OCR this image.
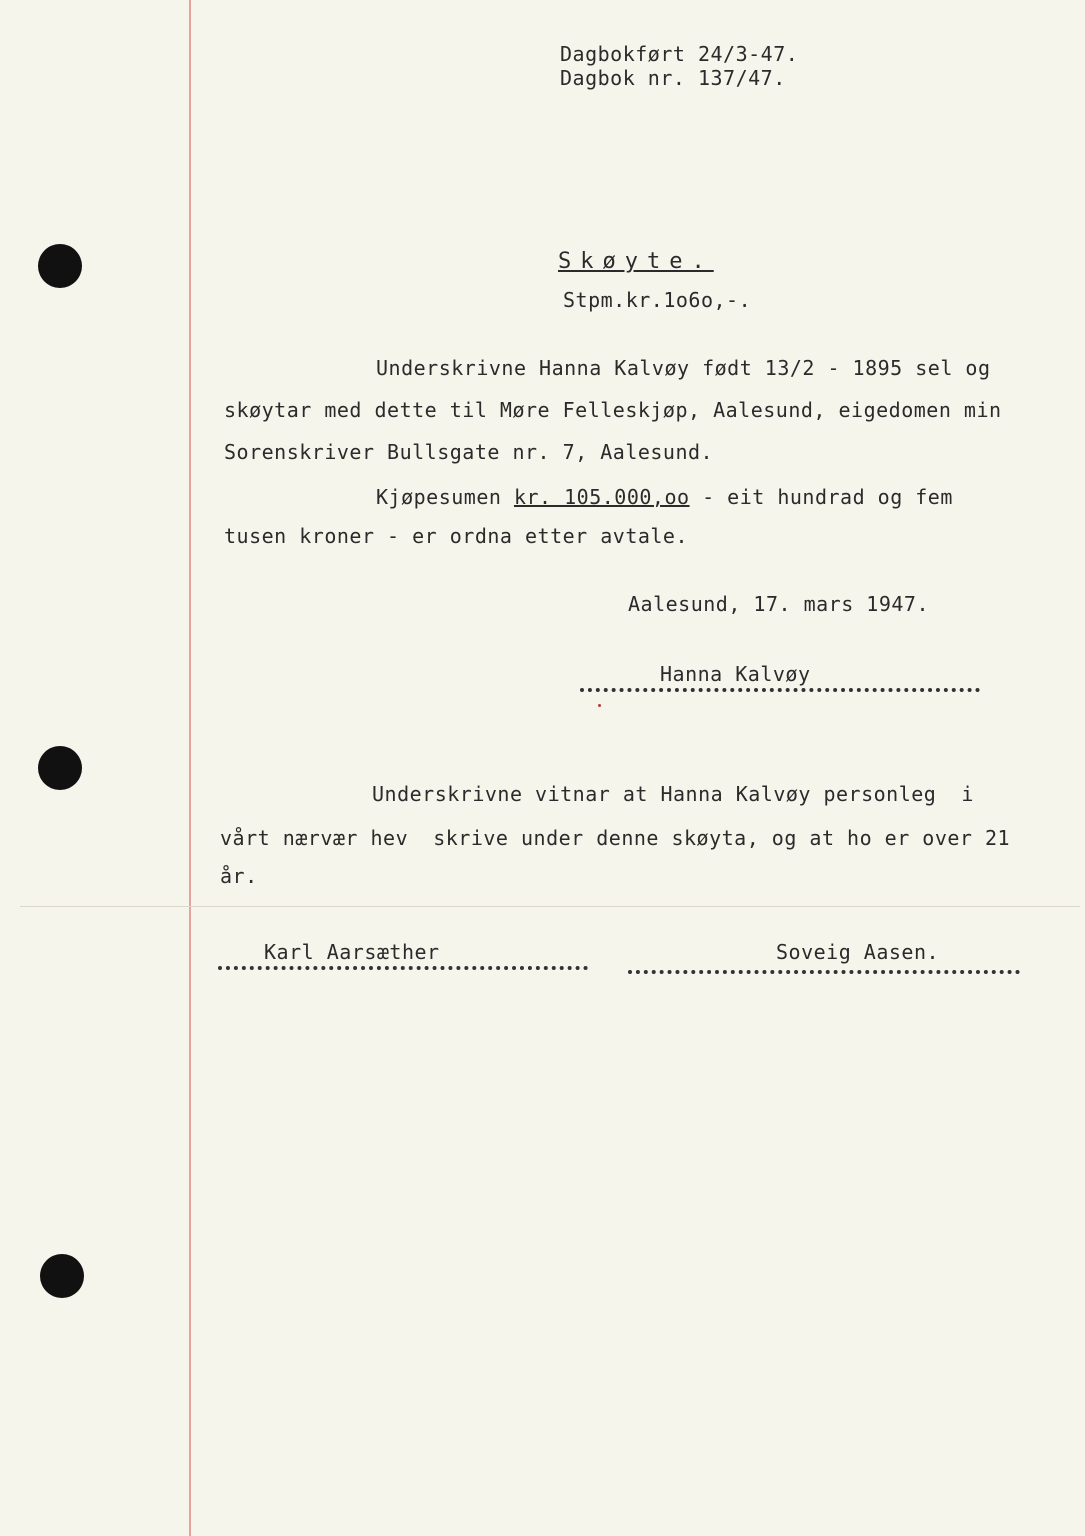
Dagbokført 24/3-47.
Dagbok nr. 137/47.
Skøyte.
Stpm.kr.1o6o,-.
Underskrivne Hanna Kalvøy født 13/2 - 1895 sel og
skøytar med dette til Møre Felleskjøp, Aalesund, eigedomen min
Sorenskriver Bullsgate nr. 7, Aalesund.
Kjøpesumen kr. 105.000,oo - eit hundrad og fem
tusen kroner - er ordna etter avtale.
Aalesund, 17. mars 1947.
Hanna Kalvøy
Underskrivne vitnar at Hanna Kalvøy personleg  i
vårt nærvær hev  skrive under denne skøyta, og at ho er over 21
år.
Karl Aarsæther	Soveig Aasen.
